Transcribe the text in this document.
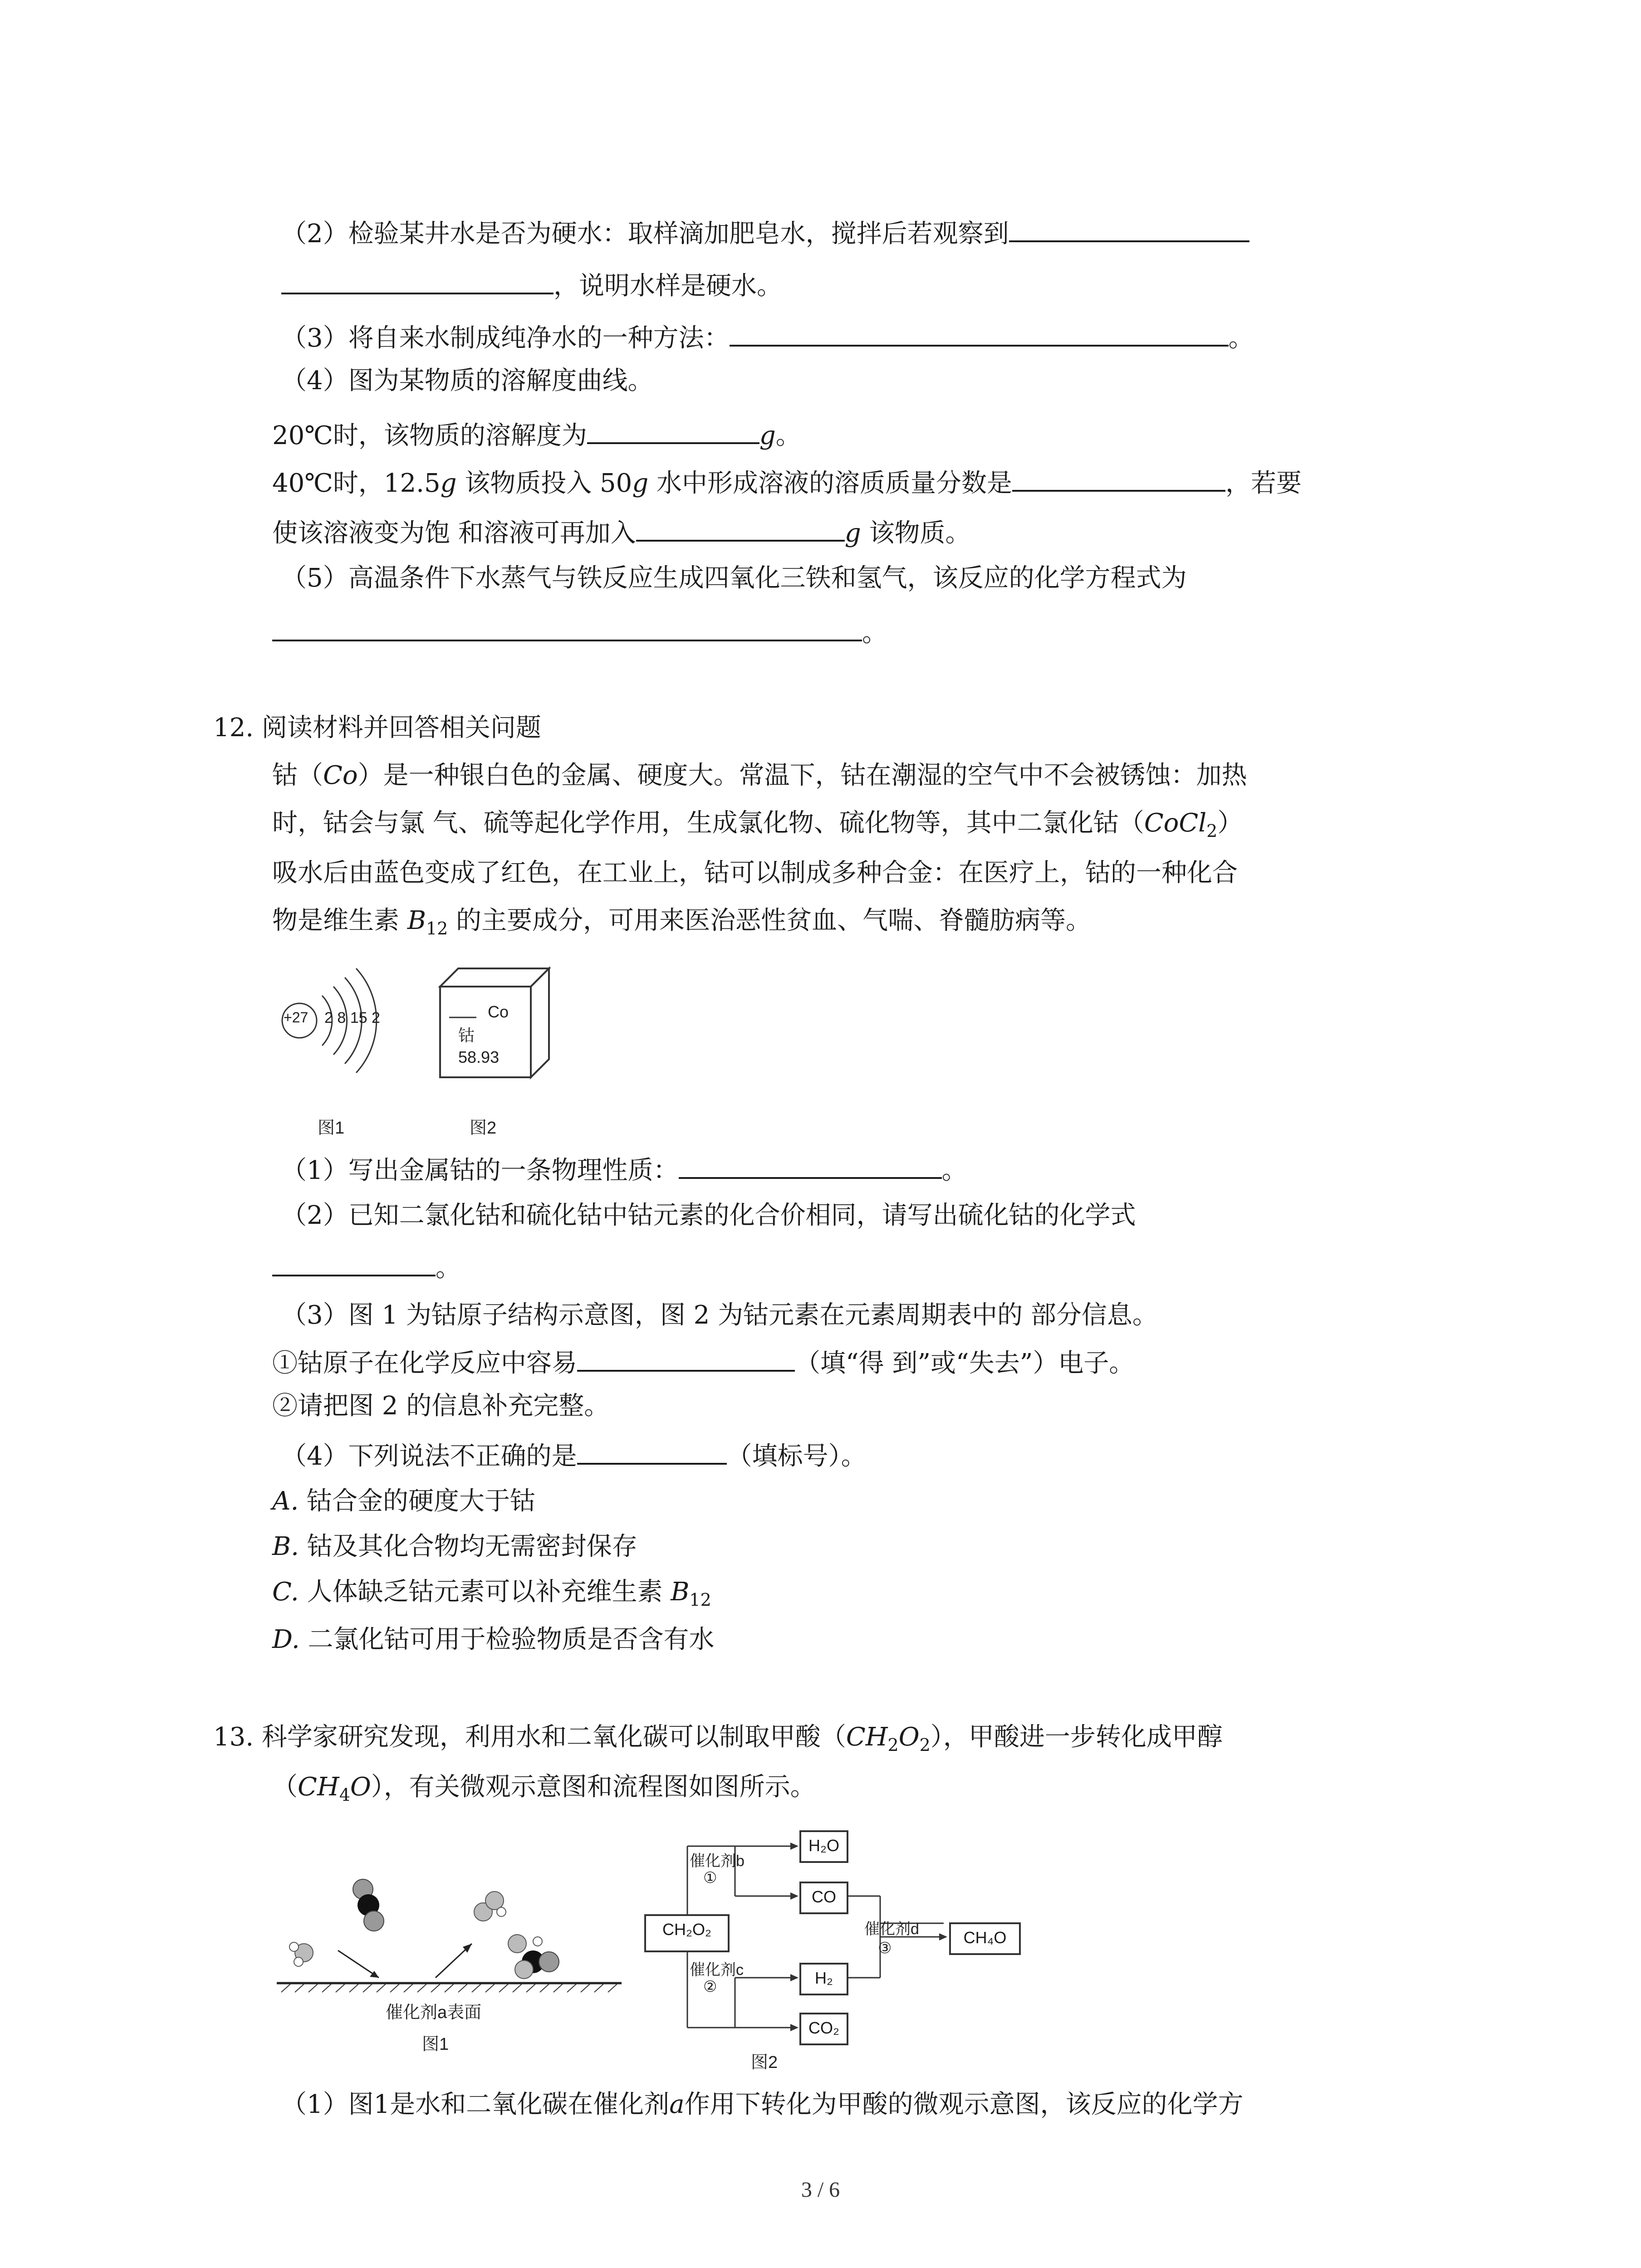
（2）检验某井水是否为硬水：取样滴加肥皂水，搅拌后若观察到
，说明水样是硬水。
（3）将自来水制成纯净水的一种方法：	。
（4）图为某物质的溶解度曲线。
20℃时，该物质的溶解度为	g。
40℃时，12.5g 该物质投入 50g 水中形成溶液的溶质质量分数是	，若要
使该溶液变为饱 和溶液可再加入	g 该物质。
（5）高温条件下水蒸气与铁反应生成四氧化三铁和氢气，该反应的化学方程式为
。
12. 阅读材料并回答相关问题
钴（Co）是一种银白色的金属、硬度大。常温下，钴在潮湿的空气中不会被锈蚀：加热
时，钴会与氯 气、硫等起化学作用，生成氯化物、硫化物等，其中二氯化钴（CoCl$_2$）
吸水后由蓝色变成了红色，在工业上，钴可以制成多种合金：在医疗上，钴的一种化合
物是维生素 $B_{12}$ 的主要成分，可用来医治恶性贫血、气喘、脊髓肪病等。
+27 2 8 15 2
图1
Co
钴
58.93
图2
（1）写出金属钴的一条物理性质：	。
（2）已知二氯化钴和硫化钴中钴元素的化合价相同，请写出硫化钴的化学式
。
（3）图 1 为钴原子结构示意图，图 2 为钴元素在元素周期表中的 部分信息。
①钴原子在化学反应中容易	（填“得 到”或“失去”）电子。
②请把图 2 的信息补充完整。
（4）下列说法不正确的是	（填标号）。
A. 钴合金的硬度大于钴
B. 钴及其化合物均无需密封保存
C. 人体缺乏钴元素可以补充维生素 $B_{12}$
D. 二氯化钴可用于检验物质是否含有水
13. 科学家研究发现，利用水和二氧化碳可以制取甲酸$(CH_2O_2)$，甲酸进一步转化成甲醇
$(CH_4O)$，有关微观示意图和流程图如图所示。
催化剂a表面
图1
CH₂O₂
H₂O
CO
H₂
CO₂
CH₄O
催化剂b
①
催化剂c
②
催化剂d
③
图2
（1）图1是水和二氧化碳在催化剂a作用下转化为甲酸的微观示意图，该反应的化学方
3 / 6
